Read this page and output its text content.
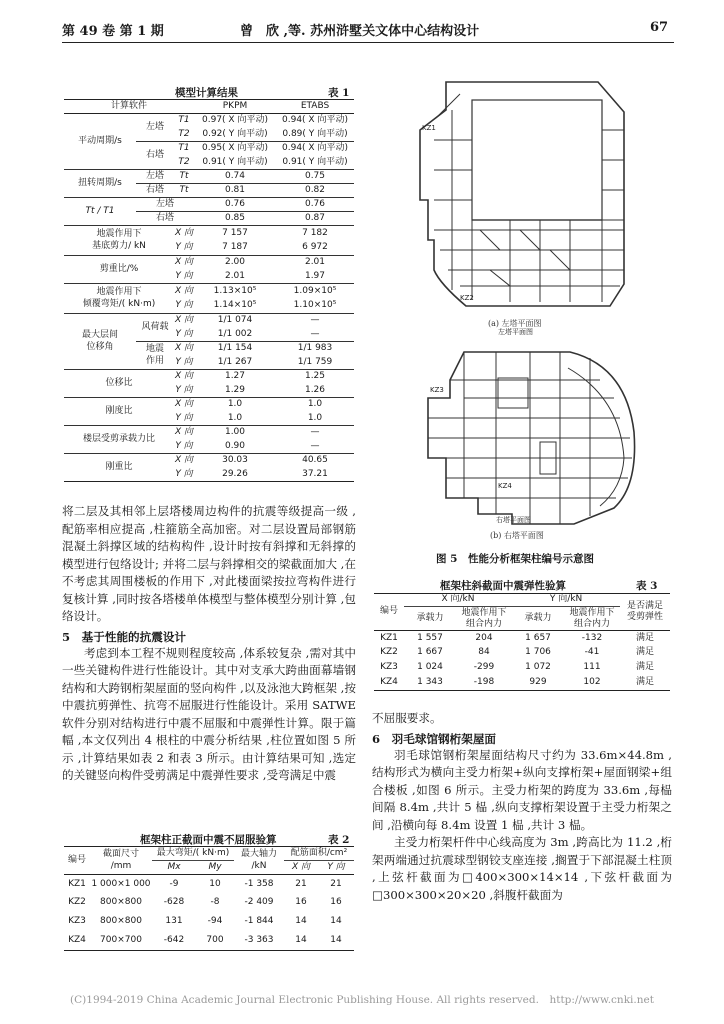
第 49 卷 第 1 期	曾　欣 ,等. 苏州浒墅关文体中心结构设计	67
模型计算结果	表 1
计算软件			PKPM	ETABS
平动周期/s	左塔	T1	0.97( X 向平动)	0.94( X 向平动)
		T2	0.92( Y 向平动)	0.89( Y 向平动)
	右塔	T1	0.95( X 向平动)	0.94( X 向平动)
		T2	0.91( Y 向平动)	0.91( Y 向平动)
扭转周期/s	左塔	Tt	0.74	0.75
	右塔	Tt	0.81	0.82
Tt / T1	左塔		0.76	0.76
	右塔		0.85	0.87
地震作用下
基底剪力/ kN		X 向	7 157	7 182
		Y 向	7 187	6 972
剪重比/%		X 向	2.00	2.01
		Y 向	2.01	1.97
地震作用下
倾覆弯矩/( kN·m)		X 向	1.13×10⁵	1.09×10⁵
		Y 向	1.14×10⁵	1.10×10⁵
最大层间
位移角	风荷载	X 向	1/1 074	—
		Y 向	1/1 002	—
	地震
作用	X 向	1/1 154	1/1 983
		Y 向	1/1 267	1/1 759
位移比		X 向	1.27	1.25
		Y 向	1.29	1.26
刚度比		X 向	1.0	1.0
		Y 向	1.0	1.0
楼层受剪承载力比		X 向	1.00	—
		Y 向	0.90	—
刚重比		X 向	30.03	40.65
		Y 向	29.26	37.21

将二层及其相邻上层塔楼周边构件的抗震等级提高一级 ,配筋率相应提高 ,柱箍筋全高加密。对二层设置局部钢筋混凝土斜撑区域的结构构件 ,设计时按有斜撑和无斜撑的模型进行包络设计; 并将二层与斜撑相交的梁截面加大 ,在不考虑其周围楼板的作用下 ,对此楼面梁按拉弯构件进行复核计算 ,同时按各塔楼单体模型与整体模型分别计算 ,包络设计。

5　基于性能的抗震设计

考虑到本工程不规则程度较高 ,体系较复杂 ,需对其中一些关键构件进行性能设计。其中对支承大跨曲面幕墙钢结构和大跨钢桁架屋面的竖向构件 ,以及泳池大跨框架 ,按中震抗剪弹性、抗弯不屈服进行性能设计。采用 SATWE 软件分别对结构进行中震不屈服和中震弹性计算。限于篇幅 ,本文仅列出 4 根柱的中震分析结果 ,柱位置如图 5 所示 ,计算结果如表 2 和表 3 所示。由计算结果可知 ,选定的关键竖向构件受剪满足中震弹性要求 ,受弯满足中震

框架柱正截面中震不屈服验算	表 2
编号	截面尺寸
/mm	最大弯矩/( kN·m)		最大轴力
/kN	配筋面积/cm²	
		Mx	My		X 向	Y 向
KZ1	1 000×1 000	-9	10	-1 358	21	21
KZ2	800×800	-628	-8	-2 409	16	16
KZ3	800×800	131	-94	-1 844	14	14
KZ4	700×700	-642	700	-3 363	14	14
KZ1
KZ2
左塔平面图
(a) 左塔平面图
KZ3
KZ4
右塔平面图
(b) 右塔平面图
图 5　性能分析框架柱编号示意图
框架柱斜截面中震弹性验算	表 3
编号	X 向/kN		Y 向/kN		是否满足
受剪弹性
	承载力	地震作用下
组合内力	承载力	地震作用下
组合内力	
KZ1	1 557	204	1 657	-132	满足
KZ2	1 667	84	1 706	-41	满足
KZ3	1 024	-299	1 072	111	满足
KZ4	1 343	-198	929	102	满足

不屈服要求。

6　羽毛球馆钢桁架屋面

羽毛球馆钢桁架屋面结构尺寸约为 33.6m×44.8m ,结构形式为横向主受力桁架+纵向支撑桁架+屋面钢梁+组合楼板 ,如图 6 所示。主受力桁架的跨度为 33.6m ,每榀间隔 8.4m ,共计 5 榀 ,纵向支撑桁架设置于主受力桁架之间 ,沿横向每 8.4m 设置 1 榀 ,共计 3 榀。

主受力桁架杆件中心线高度为 3m ,跨高比为 11.2 ,桁架两端通过抗震球型钢铰支座连接 ,搁置于下部混凝土柱顶 ,上弦杆截面为□400×300×14×14 ,下弦杆截面为□300×300×20×20 ,斜腹杆截面为

(C)1994-2019 China Academic Journal Electronic Publishing House. All rights reserved.　http://www.cnki.net
